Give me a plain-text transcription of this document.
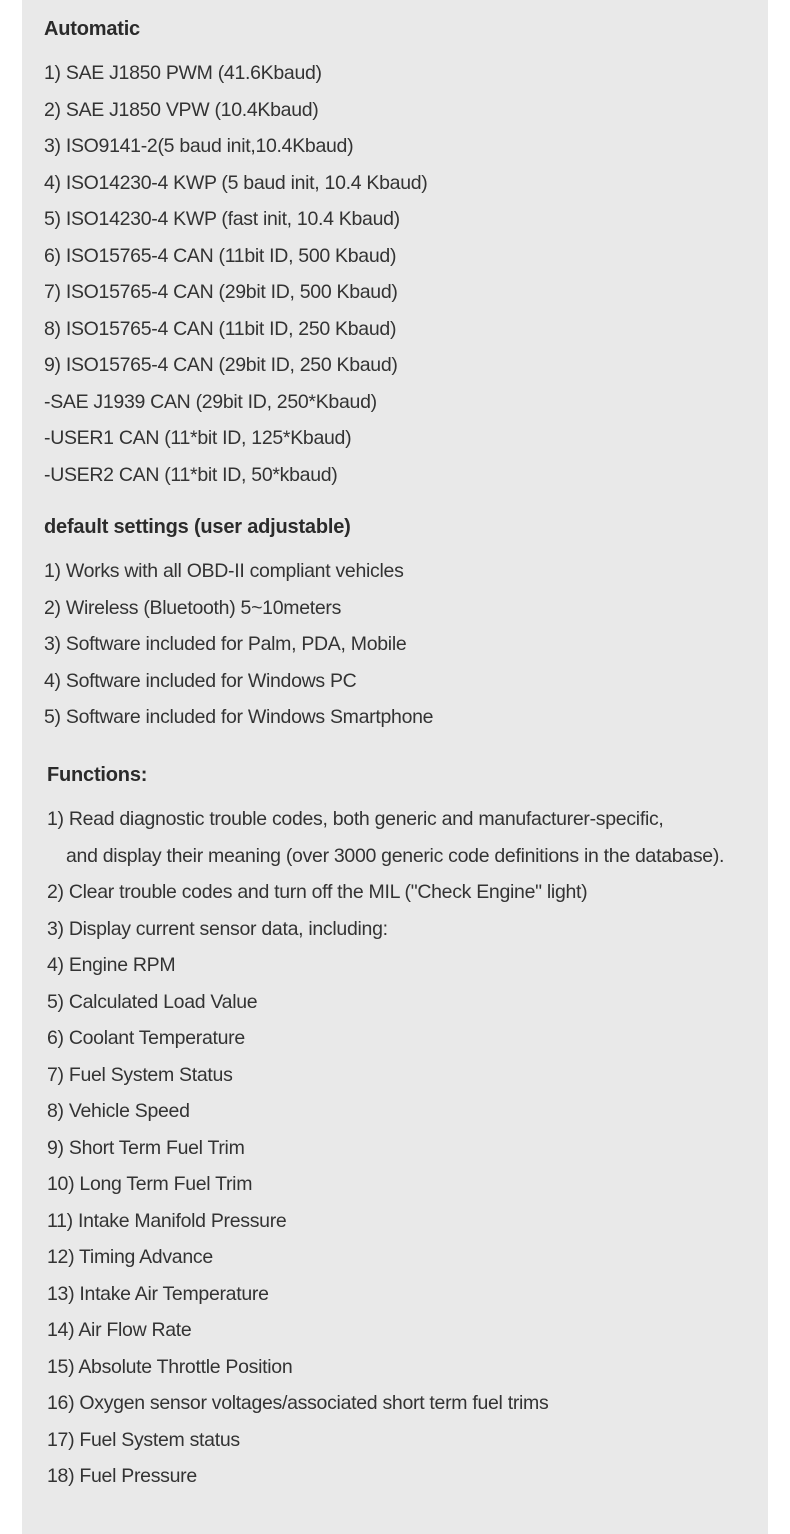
Automatic
1) SAE J1850 PWM (41.6Kbaud)
2) SAE J1850 VPW (10.4Kbaud)
3) ISO9141-2(5 baud init,10.4Kbaud)
4) ISO14230-4 KWP (5 baud init, 10.4 Kbaud)
5) ISO14230-4 KWP (fast init, 10.4 Kbaud)
6) ISO15765-4 CAN (11bit ID, 500 Kbaud)
7) ISO15765-4 CAN (29bit ID, 500 Kbaud)
8) ISO15765-4 CAN (11bit ID, 250 Kbaud)
9) ISO15765-4 CAN (29bit ID, 250 Kbaud)
-SAE J1939 CAN (29bit ID, 250*Kbaud)
-USER1 CAN (11*bit ID, 125*Kbaud)
-USER2 CAN (11*bit ID, 50*kbaud)
default settings (user adjustable)
1) Works with all OBD-II compliant vehicles
2) Wireless (Bluetooth) 5~10meters
3) Software included for Palm, PDA, Mobile
4) Software included for Windows PC
5) Software included for Windows Smartphone
Functions:
1) Read diagnostic trouble codes, both generic and manufacturer-specific,
and display their meaning (over 3000 generic code definitions in the database).
2) Clear trouble codes and turn off the MIL ("Check Engine" light)
3) Display current sensor data, including:
4) Engine RPM
5) Calculated Load Value
6) Coolant Temperature
7) Fuel System Status
8) Vehicle Speed
9) Short Term Fuel Trim
10) Long Term Fuel Trim
11) Intake Manifold Pressure
12) Timing Advance
13) Intake Air Temperature
14) Air Flow Rate
15) Absolute Throttle Position
16) Oxygen sensor voltages/associated short term fuel trims
17) Fuel System status
18) Fuel Pressure
